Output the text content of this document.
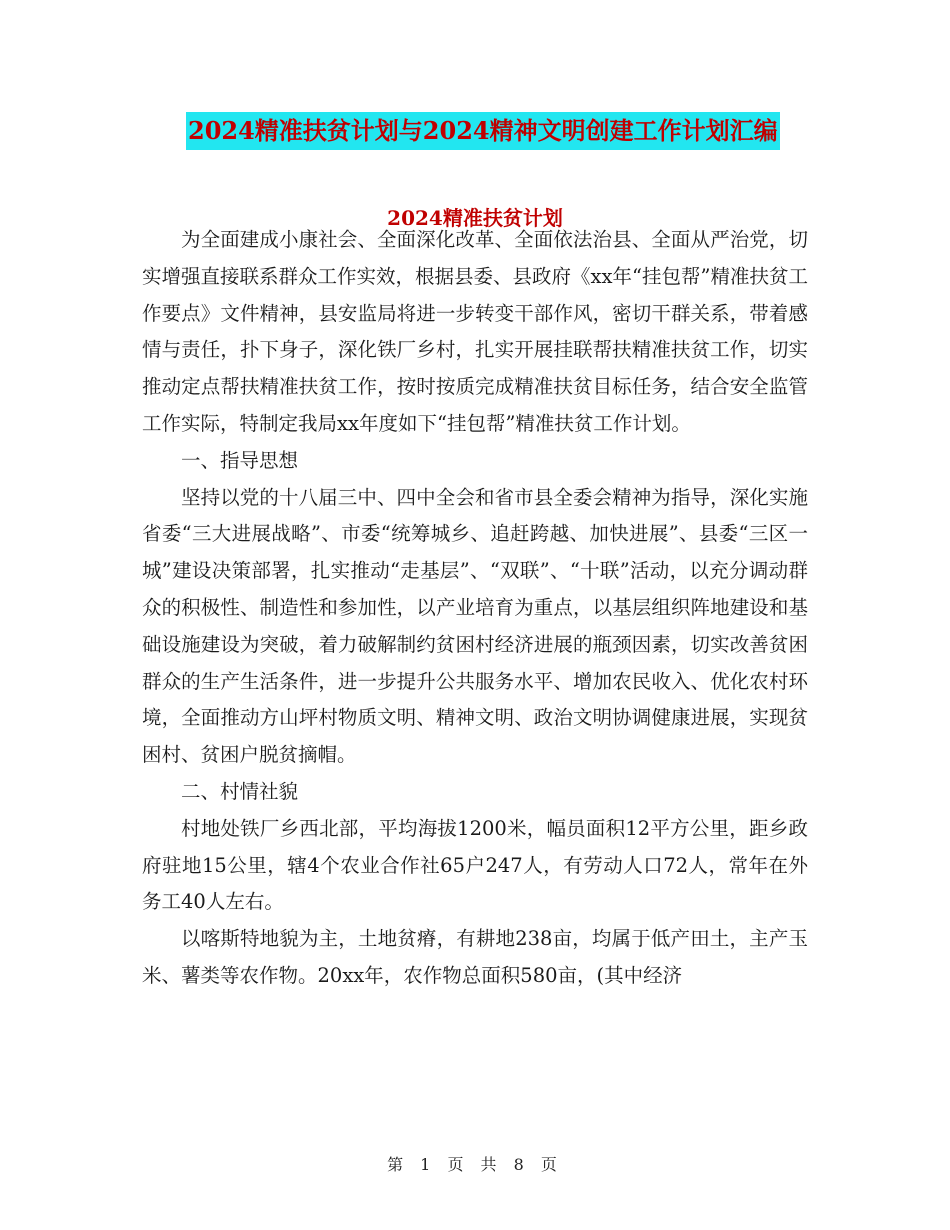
2024精准扶贫计划与2024精神文明创建工作计划汇编
2024精准扶贫计划

为全面建成小康社会、全面深化改革、全面依法治县、全面从严治党，切实增强直接联系群众工作实效，根据县委、县政府《xx年“挂包帮”精准扶贫工作要点》文件精神，县安监局将进一步转变干部作风，密切干群关系，带着感情与责任，扑下身子，深化铁厂乡村，扎实开展挂联帮扶精准扶贫工作，切实推动定点帮扶精准扶贫工作，按时按质完成精准扶贫目标任务，结合安全监管工作实际，特制定我局xx年度如下“挂包帮”精准扶贫工作计划。

一、指导思想

坚持以党的十八届三中、四中全会和省市县全委会精神为指导，深化实施省委“三大进展战略”、市委“统筹城乡、追赶跨越、加快进展”、县委“三区一城”建设决策部署，扎实推动“走基层”、“双联”、“十联”活动，以充分调动群众的积极性、制造性和参加性，以产业培育为重点，以基层组织阵地建设和基础设施建设为突破，着力破解制约贫困村经济进展的瓶颈因素，切实改善贫困群众的生产生活条件，进一步提升公共服务水平、增加农民收入、优化农村环境，全面推动方山坪村物质文明、精神文明、政治文明协调健康进展，实现贫困村、贫困户脱贫摘帽。

二、村情社貌

村地处铁厂乡西北部，平均海拔1200米，幅员面积12平方公里，距乡政府驻地15公里，辖4个农业合作社65户247人，有劳动人口72人，常年在外务工40人左右。

以喀斯特地貌为主，土地贫瘠，有耕地238亩，均属于低产田土，主产玉米、薯类等农作物。20xx年，农作物总面积580亩，(其中经济

第 1 页 共 8 页
